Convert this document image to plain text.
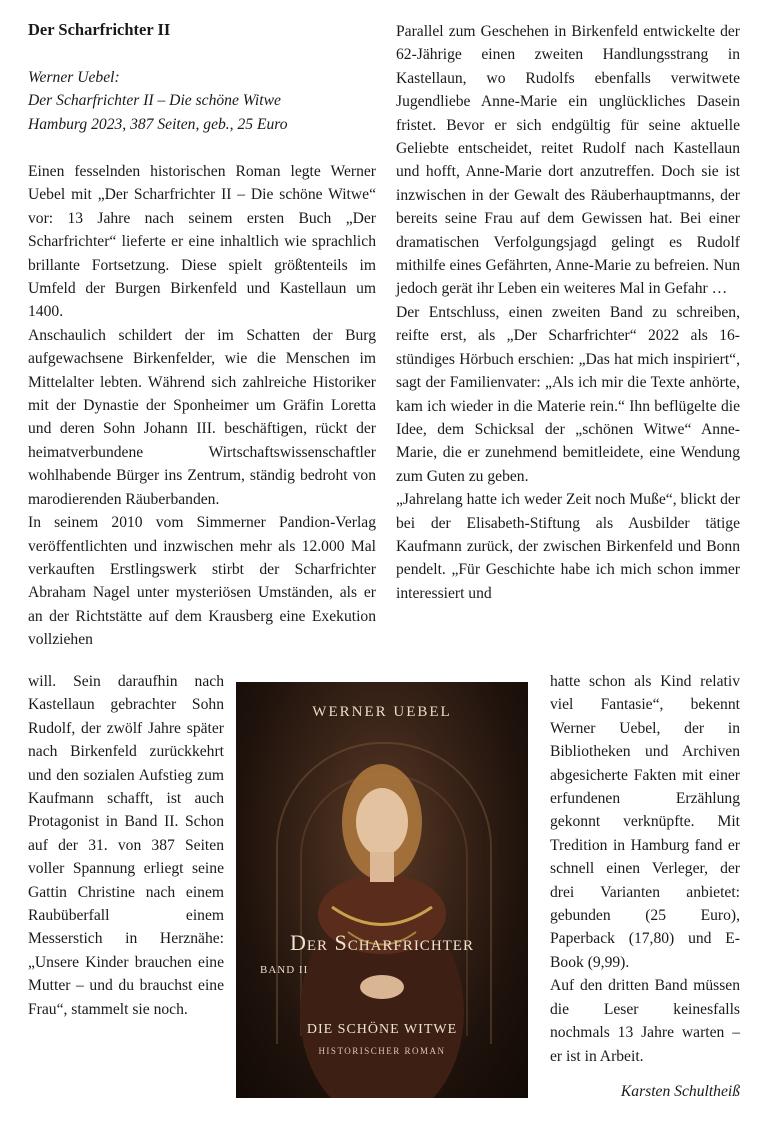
Der Scharfrichter II
Werner Uebel:
Der Scharfrichter II – Die schöne Witwe
Hamburg 2023, 387 Seiten, geb., 25 Euro

Einen fesselnden historischen Roman legte Werner Uebel mit „Der Scharfrichter II – Die schöne Witwe“ vor: 13 Jahre nach seinem ersten Buch „Der Scharfrichter“ lieferte er eine inhaltlich wie sprachlich brillante Fortsetzung. Diese spielt größtenteils im Umfeld der Burgen Birkenfeld und Kastellaun um 1400.

Anschaulich schildert der im Schatten der Burg aufgewachsene Birkenfelder, wie die Menschen im Mittelalter lebten. Während sich zahlreiche Historiker mit der Dynastie der Sponheimer um Gräfin Loretta und deren Sohn Johann III. beschäftigen, rückt der heimatverbundene Wirtschaftswissenschaftler wohlhabende Bürger ins Zentrum, ständig bedroht von marodierenden Räuberbanden.

In seinem 2010 vom Simmerner Pandion-Verlag veröffentlichten und inzwischen mehr als 12.000 Mal verkauften Erstlingswerk stirbt der Scharfrichter Abraham Nagel unter mysteriösen Umständen, als er an der Richtstätte auf dem Krausberg eine Exekution vollziehen

will. Sein daraufhin nach Kastellaun gebrachter Sohn Rudolf, der zwölf Jahre später nach Birkenfeld zurückkehrt und den sozialen Aufstieg zum Kaufmann schafft, ist auch Protagonist in Band II. Schon auf der 31. von 387 Seiten voller Spannung erliegt seine Gattin Christine nach einem Raubüberfall einem Messerstich in Herznähe: „Unsere Kinder brauchen eine Mutter – und du brauchst eine Frau“, stammelt sie noch.

Parallel zum Geschehen in Birkenfeld entwickelte der 62-Jährige einen zweiten Handlungsstrang in Kastellaun, wo Rudolfs ebenfalls verwitwete Jugendliebe Anne-Marie ein unglückliches Dasein fristet. Bevor er sich endgültig für seine aktuelle Geliebte entscheidet, reitet Rudolf nach Kastellaun und hofft, Anne-Marie dort anzutreffen. Doch sie ist inzwischen in der Gewalt des Räuberhauptmanns, der bereits seine Frau auf dem Gewissen hat. Bei einer dramatischen Verfolgungsjagd gelingt es Rudolf mithilfe eines Gefährten, Anne-Marie zu befreien. Nun jedoch gerät ihr Leben ein weiteres Mal in Gefahr …

Der Entschluss, einen zweiten Band zu schreiben, reifte erst, als „Der Scharfrichter“ 2022 als 16-stündiges Hörbuch erschien: „Das hat mich inspiriert“, sagt der Familienvater: „Als ich mir die Texte anhörte, kam ich wieder in die Materie rein.“ Ihn beflügelte die Idee, dem Schicksal der „schönen Witwe“ Anne-Marie, die er zunehmend bemitleidete, eine Wendung zum Guten zu geben.

„Jahrelang hatte ich weder Zeit noch Muße“, blickt der bei der Elisabeth-Stiftung als Ausbilder tätige Kaufmann zurück, der zwischen Birkenfeld und Bonn pendelt. „Für Geschichte habe ich mich schon immer interessiert und

hatte schon als Kind relativ viel Fantasie“, bekennt Werner Uebel, der in Bibliotheken und Archiven abgesicherte Fakten mit einer erfundenen Erzählung gekonnt verknüpfte. Mit Tredition in Hamburg fand er schnell einen Verleger, der drei Varianten anbietet: gebunden (25 Euro), Paperback (17,80) und E-Book (9,99).
Auf den dritten Band müssen die Leser keinesfalls nochmals 13 Jahre warten – er ist in Arbeit.
Karsten Schultheiß
WERNER UEBEL
Der Scharfrichter
BAND II
DIE SCHÖNE WITWE
HISTORISCHER ROMAN
